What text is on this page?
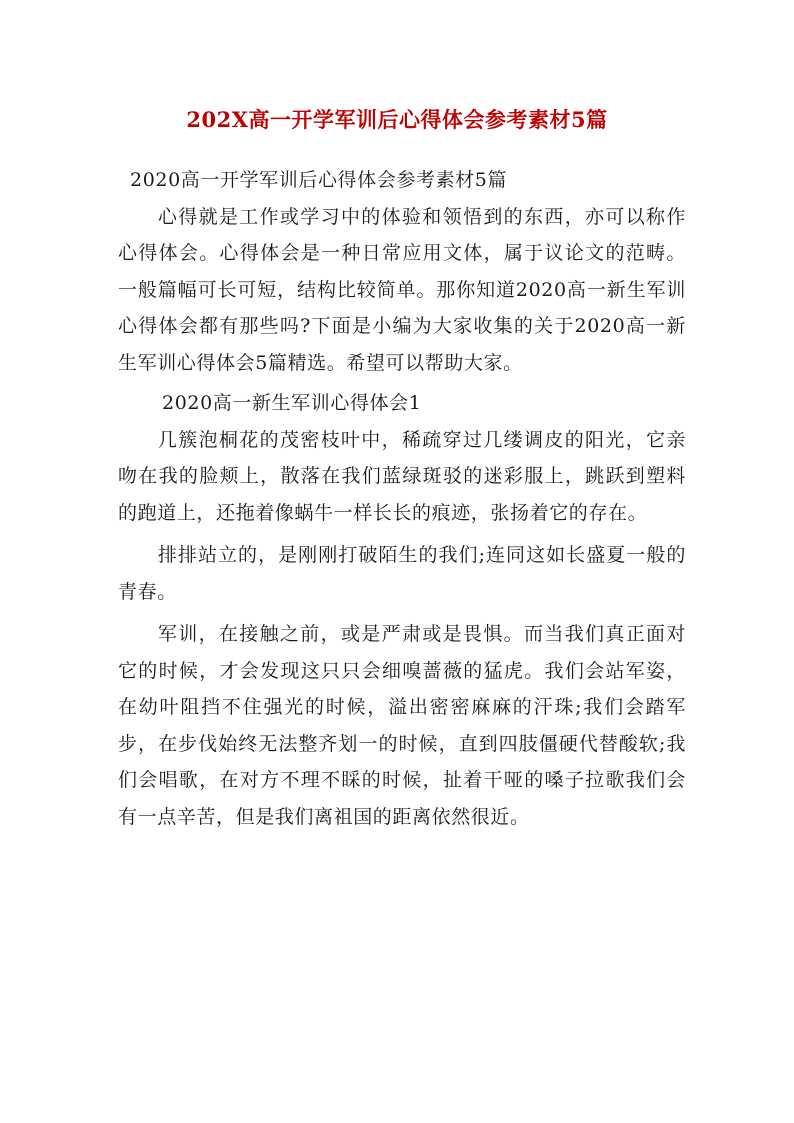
202X高一开学军训后心得体会参考素材5篇

2020高一开学军训后心得体会参考素材5篇

心得就是工作或学习中的体验和领悟到的东西，亦可以称作心得体会。心得体会是一种日常应用文体，属于议论文的范畴。一般篇幅可长可短，结构比较简单。那你知道2020高一新生军训心得体会都有那些吗?下面是小编为大家收集的关于2020高一新生军训心得体会5篇精选。希望可以帮助大家。

2020高一新生军训心得体会1

几簇泡桐花的茂密枝叶中，稀疏穿过几缕调皮的阳光，它亲吻在我的脸颊上，散落在我们蓝绿斑驳的迷彩服上，跳跃到塑料的跑道上，还拖着像蜗牛一样长长的痕迹，张扬着它的存在。

排排站立的，是刚刚打破陌生的我们;连同这如长盛夏一般的青春。

军训，在接触之前，或是严肃或是畏惧。而当我们真正面对它的时候，才会发现这只只会细嗅蔷薇的猛虎。我们会站军姿，在幼叶阻挡不住强光的时候，溢出密密麻麻的汗珠;我们会踏军步，在步伐始终无法整齐划一的时候，直到四肢僵硬代替酸软;我们会唱歌，在对方不理不睬的时候，扯着干哑的嗓子拉歌我们会有一点辛苦，但是我们离祖国的距离依然很近。
